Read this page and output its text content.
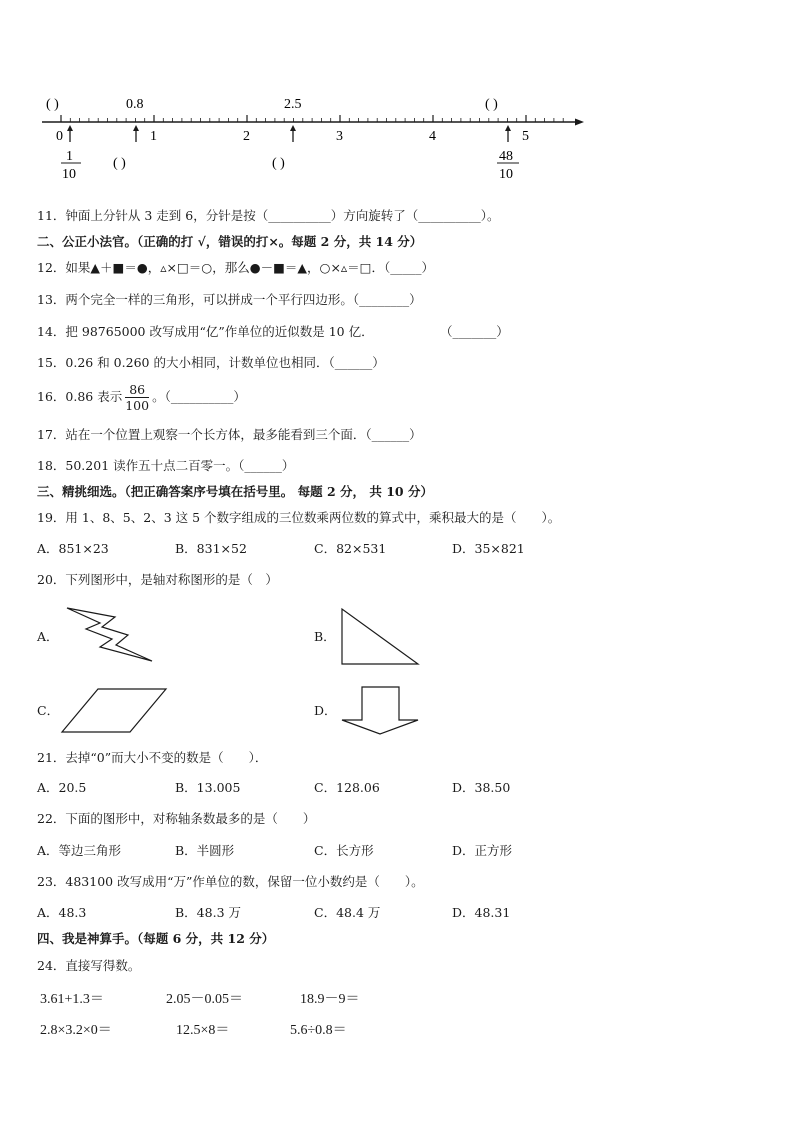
( )	0.8	2.5	( )
0	1	2	3	4	5
1
10
( )	( )	48
10
11．钟面上分针从 3 走到 6，分针是按（__________）方向旋转了（__________）。
二、公正小法官。（正确的打 √，错误的打×。每题 2 分，共 14 分）
12．如果▲＋■＝●，▵×□＝○，那么●－■＝▲，○×▵＝□．（_____）
13．两个完全一样的三角形，可以拼成一个平行四边形。（________）
14．把 98765000 改写成用“亿”作单位的近似数是 10 亿．	（_______）
15．0.26 和 0.260 的大小相同，计数单位也相同．（______）
16．0.86 表示 $\frac{86}{100}$ 。（__________）
17．站在一个位置上观察一个长方体，最多能看到三个面．（______）
18．50.201 读作五十点二百零一。（______）
三、精挑细选。（把正确答案序号填在括号里。 每题 2 分， 共 10 分）
19．用 1、8、5、2、3 这 5 个数字组成的三位数乘两位数的算式中，乘积最大的是（　　）。
A．851×23	B．831×52	C．82×531	D．35×821
20．下列图形中，是轴对称图形的是（　）
A．	B．
C．	D．
21．去掉“0”而大小不变的数是（　　）．
A．20.5	B．13.005	C．128.06	D．38.50
22．下面的图形中，对称轴条数最多的是（　　）
A．等边三角形	B．半圆形	C．长方形	D．正方形
23．483100 改写成用“万”作单位的数，保留一位小数约是（　　）。
A．48.3	B．48.3 万	C．48.4 万	D．48.31
四、我是神算手。（每题 6 分，共 12 分）
24．直接写得数。
3.61+1.3＝	2.05－0.05＝	18.9－9＝
2.8×3.2×0＝	12.5×8＝	5.6÷0.8＝
